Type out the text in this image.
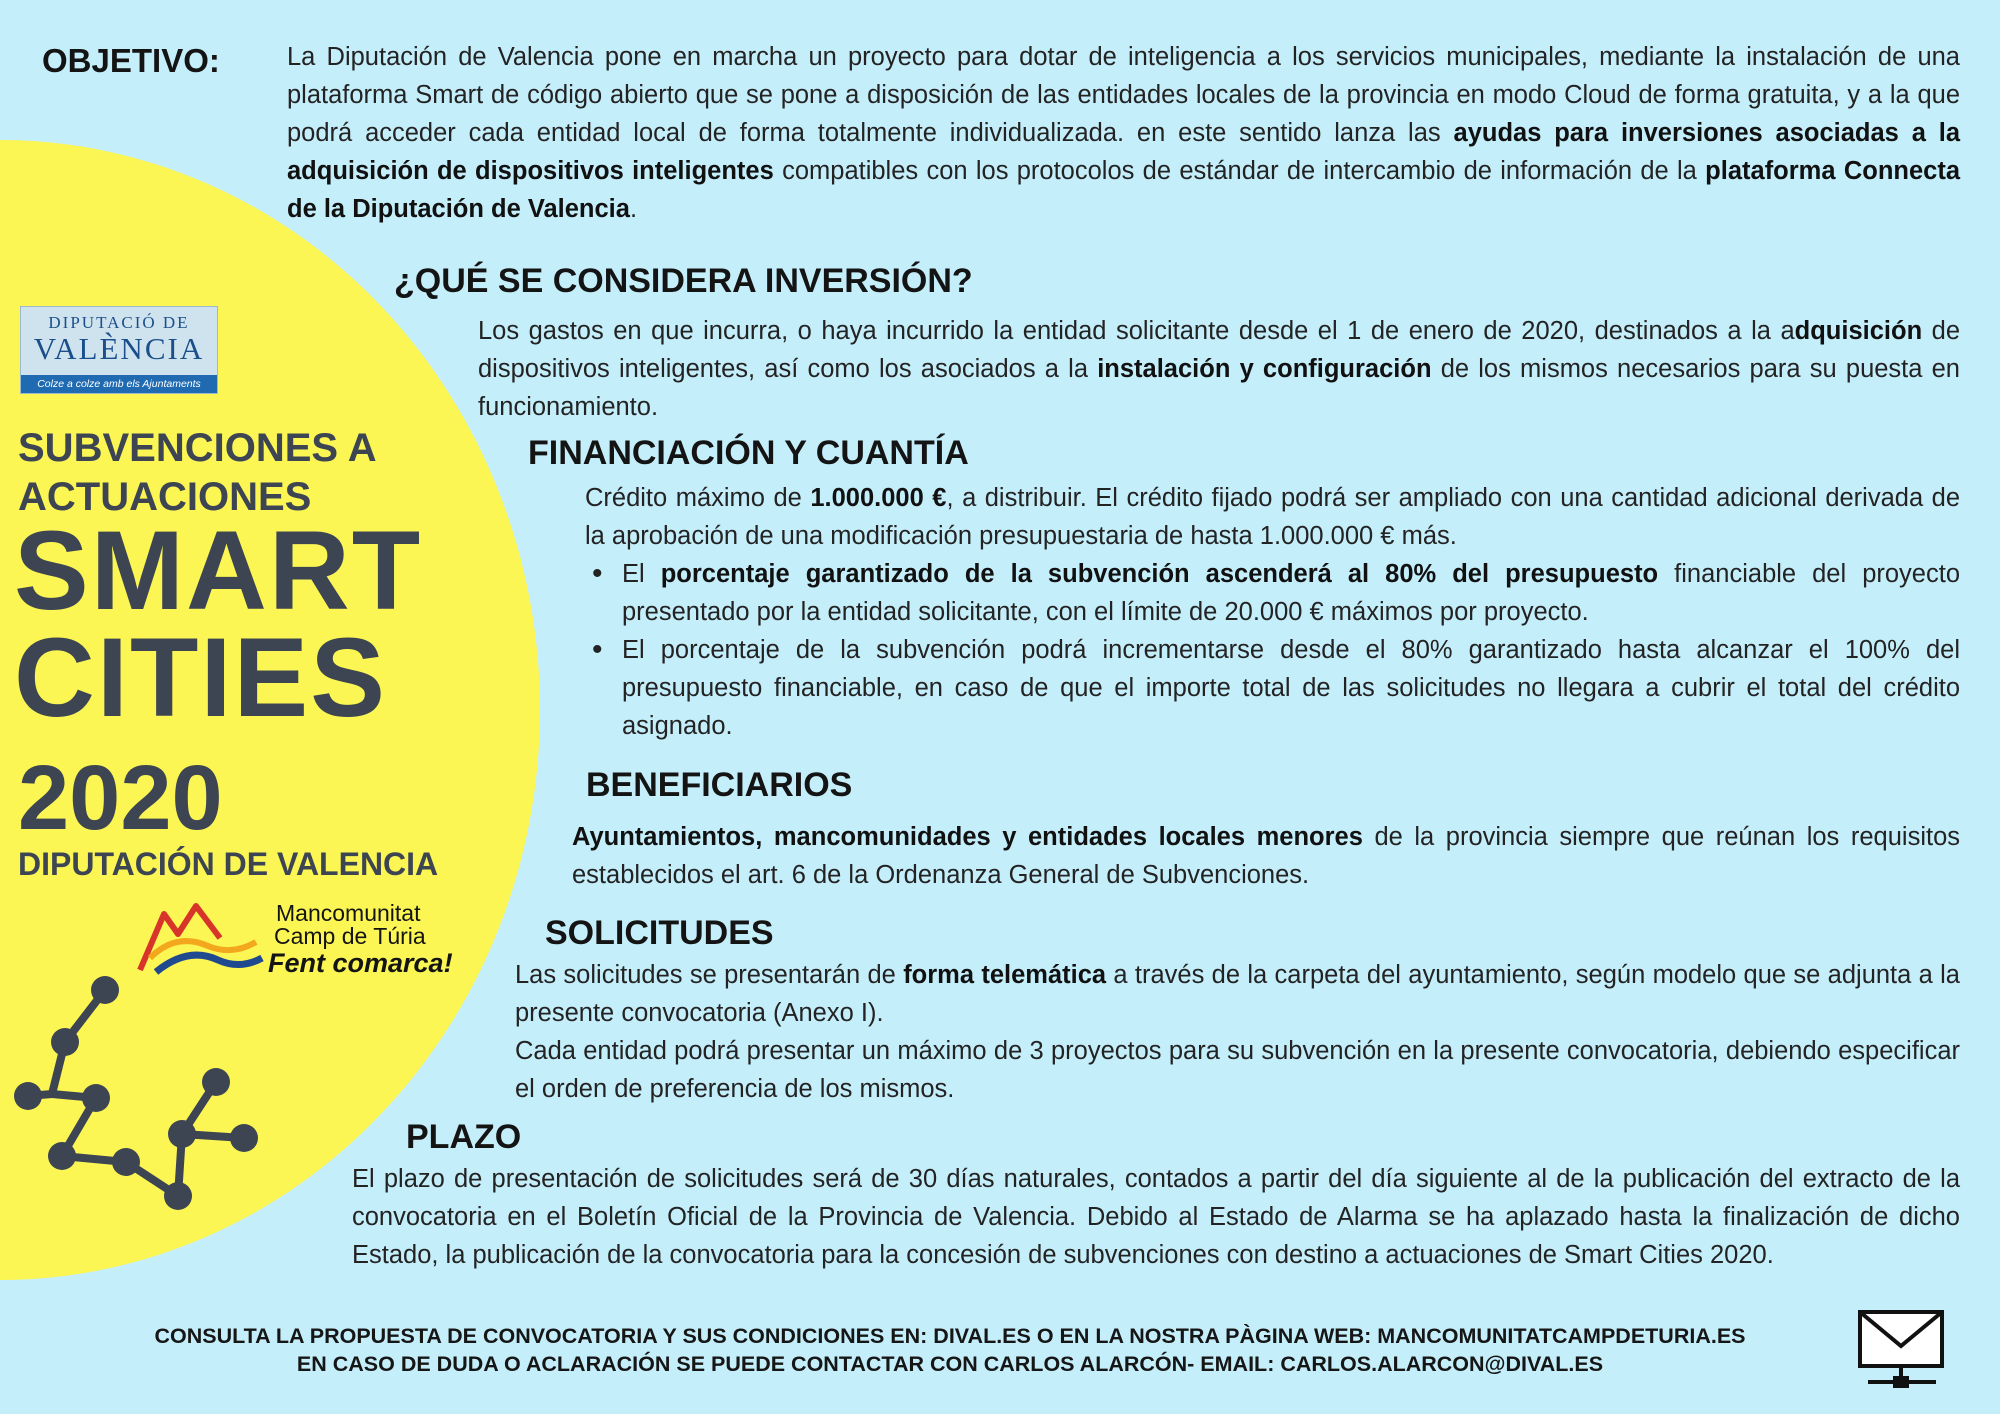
OBJETIVO:	La Diputación de Valencia pone en marcha un proyecto para dotar de inteligencia a los servicios municipales, mediante la instalación de una plataforma Smart de código abierto que se pone a disposición de las entidades locales de la provincia en modo Cloud de forma gratuita, y a la que podrá acceder cada entidad local de forma totalmente individualizada. en este sentido lanza las ayudas para inversiones asociadas a la adquisición de dispositivos inteligentes compatibles con los protocolos de estándar de intercambio de información de la plataforma Connecta de la Diputación de Valencia.
DIPUTACIÓ DE
VALÈNCIA
Colze a colze amb els Ajuntaments
SUBVENCIONES A
ACTUACIONES
SMART
CITIES
2020
DIPUTACIÓN DE VALENCIA
Mancomunitat
Camp de Túria
Fent comarca!
¿QUÉ SE CONSIDERA INVERSIÓN?
Los gastos en que incurra, o haya incurrido la entidad solicitante desde el 1 de enero de 2020, destinados a la adquisición de dispositivos inteligentes, así como los asociados a la instalación y configuración de los mismos necesarios para su puesta en funcionamiento.
FINANCIACIÓN Y CUANTÍA
Crédito máximo de 1.000.000 €, a distribuir. El crédito fijado podrá ser ampliado con una cantidad adicional derivada de la aprobación de una modificación presupuestaria de hasta 1.000.000 € más.
• El porcentaje garantizado de la subvención ascenderá al 80% del presupuesto financiable del proyecto presentado por la entidad solicitante, con el límite de 20.000 € máximos por proyecto.
• El porcentaje de la subvención podrá incrementarse desde el 80% garantizado hasta alcanzar el 100% del presupuesto financiable, en caso de que el importe total de las solicitudes no llegara a cubrir el total del crédito asignado.
BENEFICIARIOS
Ayuntamientos, mancomunidades y entidades locales menores de la provincia siempre que reúnan los requisitos establecidos el art. 6 de la Ordenanza General de Subvenciones.
SOLICITUDES
Las solicitudes se presentarán de forma telemática a través de la carpeta del ayuntamiento, según modelo que se adjunta a la presente convocatoria (Anexo I).
Cada entidad podrá presentar un máximo de 3 proyectos para su subvención en la presente convocatoria, debiendo especificar el orden de preferencia de los mismos.
PLAZO
El plazo de presentación de solicitudes será de 30 días naturales, contados a partir del día siguiente al de la publicación del extracto de la convocatoria en el Boletín Oficial de la Provincia de Valencia. Debido al Estado de Alarma se ha aplazado hasta la finalización de dicho Estado, la publicación de la convocatoria para la concesión de subvenciones con destino a actuaciones de Smart Cities 2020.
CONSULTA LA PROPUESTA DE CONVOCATORIA Y SUS CONDICIONES EN: DIVAL.ES O EN LA NOSTRA PÀGINA WEB: MANCOMUNITATCAMPDETURIA.ES
EN CASO DE DUDA O ACLARACIÓN SE PUEDE CONTACTAR CON CARLOS ALARCÓN- EMAIL: CARLOS.ALARCON@DIVAL.ES
